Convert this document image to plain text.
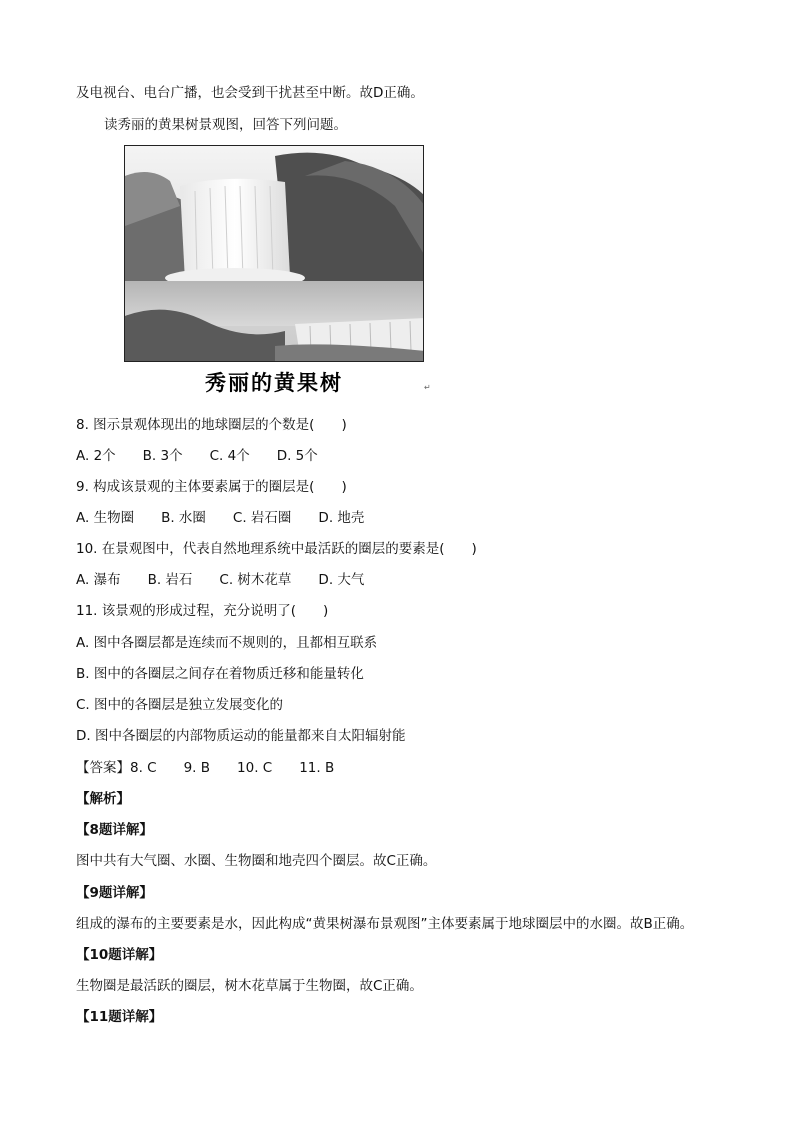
及电视台、电台广播，也会受到干扰甚至中断。故D正确。
读秀丽的黄果树景观图，回答下列问题。
秀丽的黄果树	↵
8. 图示景观体现出的地球圈层的个数是(　　)
A. 2个　　B. 3个　　C. 4个　　D. 5个
9. 构成该景观的主体要素属于的圈层是(　　)
A. 生物圈　　B. 水圈　　C. 岩石圈　　D. 地壳
10. 在景观图中，代表自然地理系统中最活跃的圈层的要素是(　　)
A. 瀑布　　B. 岩石　　C. 树木花草　　D. 大气
11. 该景观的形成过程，充分说明了(　　)
A. 图中各圈层都是连续而不规则的，且都相互联系
B. 图中的各圈层之间存在着物质迁移和能量转化
C. 图中的各圈层是独立发展变化的
D. 图中各圈层的内部物质运动的能量都来自太阳辐射能
【答案】8. C　　9. B　　10. C　　11. B
【解析】
【8题详解】
图中共有大气圈、水圈、生物圈和地壳四个圈层。故C正确。
【9题详解】
组成的瀑布的主要要素是水，因此构成“黄果树瀑布景观图”主体要素属于地球圈层中的水圈。故B正确。
【10题详解】
生物圈是最活跃的圈层，树木花草属于生物圈，故C正确。
【11题详解】
